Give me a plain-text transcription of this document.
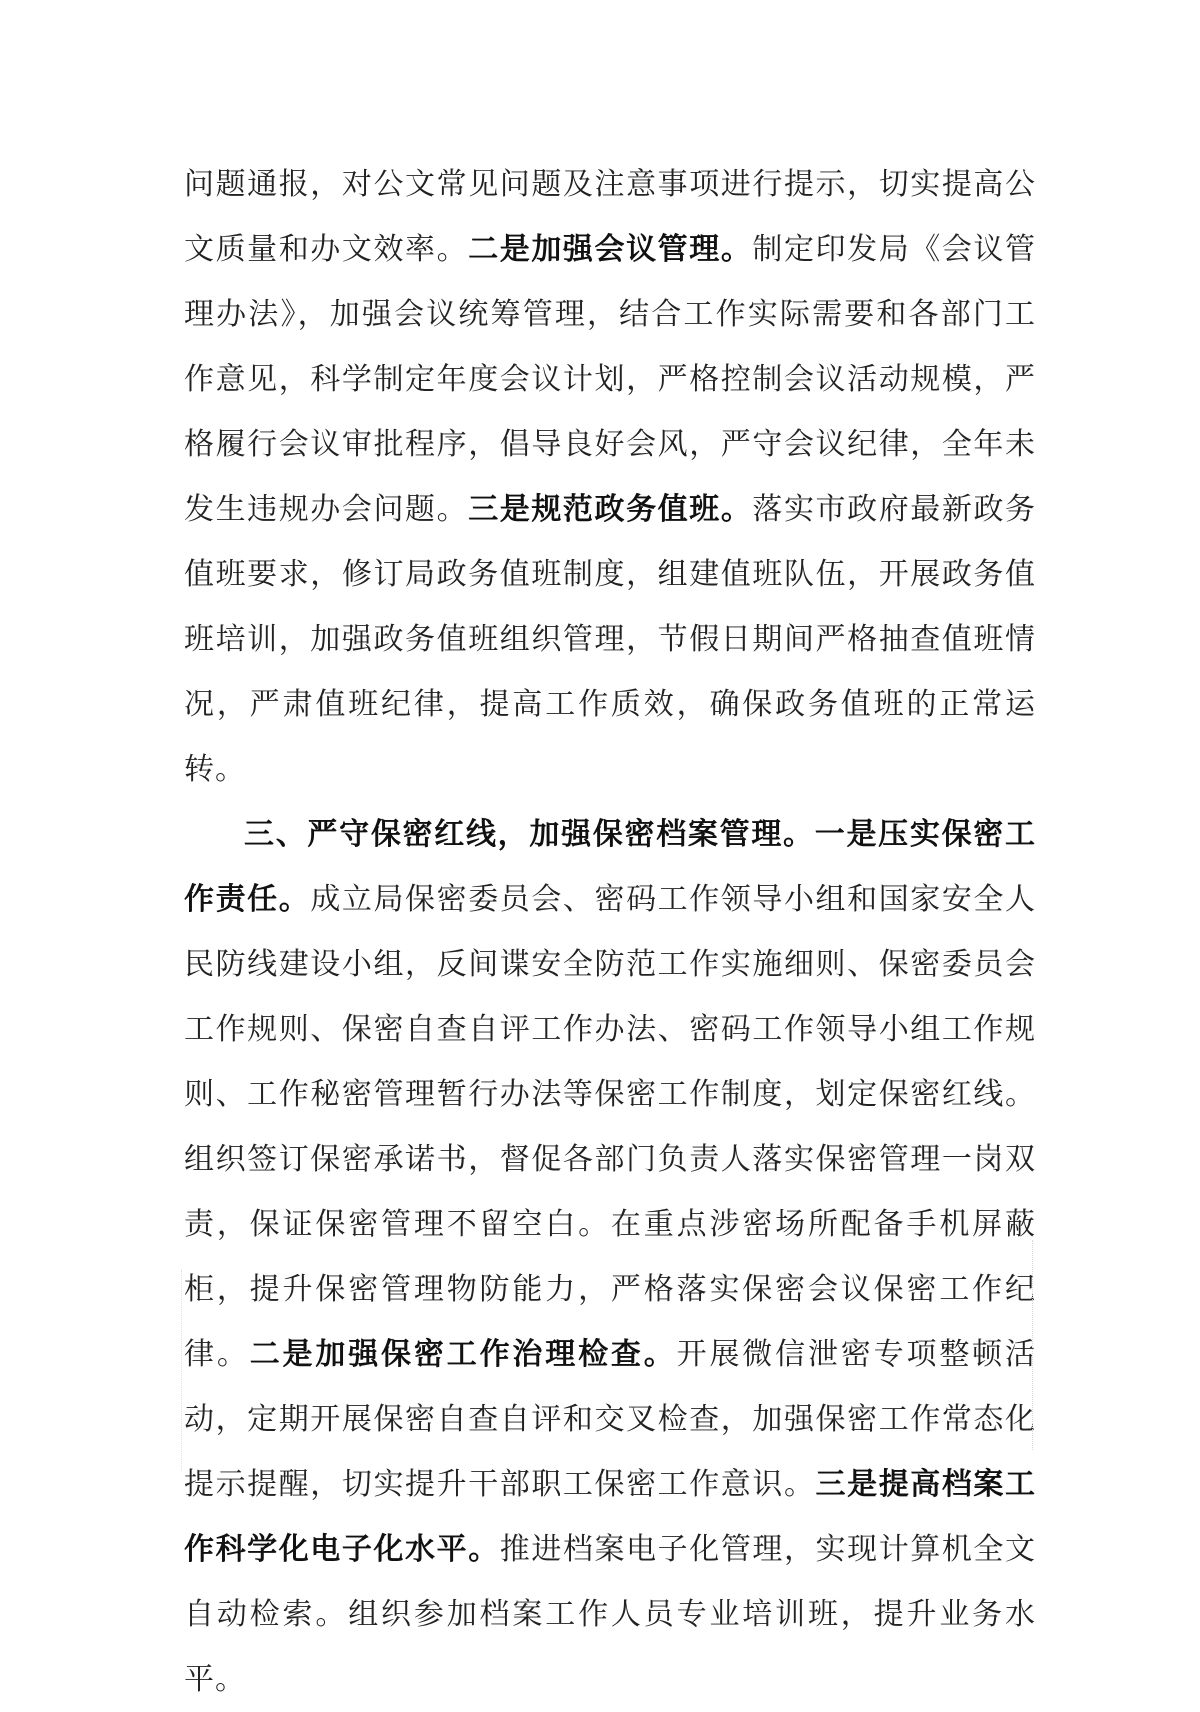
问题通报，对公文常见问题及注意事项进行提示，切实提高公文质量和办文效率。二是加强会议管理。制定印发局《会议管理办法》，加强会议统筹管理，结合工作实际需要和各部门工作意见，科学制定年度会议计划，严格控制会议活动规模，严格履行会议审批程序，倡导良好会风，严守会议纪律，全年未发生违规办会问题。三是规范政务值班。落实市政府最新政务值班要求，修订局政务值班制度，组建值班队伍，开展政务值班培训，加强政务值班组织管理，节假日期间严格抽查值班情况，严肃值班纪律，提高工作质效，确保政务值班的正常运转。

三、严守保密红线，加强保密档案管理。一是压实保密工作责任。成立局保密委员会、密码工作领导小组和国家安全人民防线建设小组，反间谍安全防范工作实施细则、保密委员会工作规则、保密自查自评工作办法、密码工作领导小组工作规则、工作秘密管理暂行办法等保密工作制度，划定保密红线。组织签订保密承诺书，督促各部门负责人落实保密管理一岗双责，保证保密管理不留空白。在重点涉密场所配备手机屏蔽柜，提升保密管理物防能力，严格落实保密会议保密工作纪律。二是加强保密工作治理检查。开展微信泄密专项整顿活动，定期开展保密自查自评和交叉检查，加强保密工作常态化提示提醒，切实提升干部职工保密工作意识。三是提高档案工作科学化电子化水平。推进档案电子化管理，实现计算机全文自动检索。组织参加档案工作人员专业培训班，提升业务水平。
